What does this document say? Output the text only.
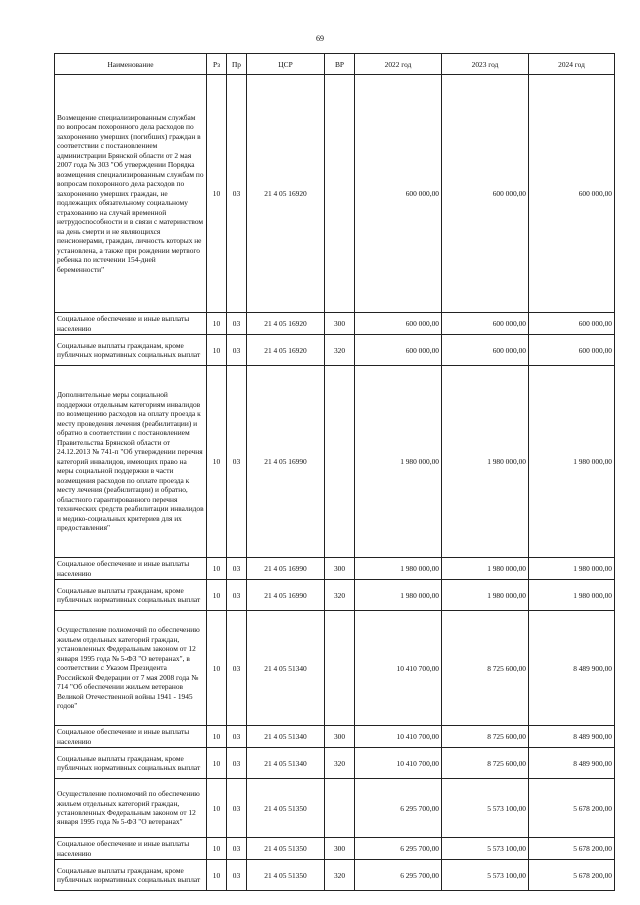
69
Наименование	Рз	Пр	ЦСР	ВР	2022 год	2023 год	2024 год
Возмещение специализированным службам по вопросам похоронного дела расходов по захоронению умерших (погибших) граждан в соответствии с постановлением администрации Брянской области от 2 мая 2007 года № 303 "Об утверждении Порядка возмещения специализированным службам по вопросам похоронного дела расходов по захоронению умерших граждан, не подлежащих обязательному социальному страхованию на случай временной нетрудоспособности и в связи с материнством на день смерти и не являющихся пенсионерами, граждан, личность которых не установлена, а также при рождении мертвого ребенка по истечении 154-дней беременности"	10	03	21 4 05 16920		600 000,00	600 000,00	600 000,00
Социальное обеспечение и иные выплаты населению	10	03	21 4 05 16920	300	600 000,00	600 000,00	600 000,00
Социальные выплаты гражданам, кроме публичных нормативных социальных выплат	10	03	21 4 05 16920	320	600 000,00	600 000,00	600 000,00
Дополнительные меры социальной поддержки отдельным категориям инвалидов по возмещению расходов на оплату проезда к месту проведения лечения (реабилитации) и обратно в соответствии с постановлением Правительства Брянской области от 24.12.2013 № 741-п "Об утверждении перечня категорий инвалидов, имеющих право на меры социальной поддержки в части возмещения расходов по оплате проезда к месту лечения (реабилитации) и обратно, областного гарантированного перечня технических средств реабилитации инвалидов и медико-социальных критериев для их предоставления"	10	03	21 4 05 16990		1 980 000,00	1 980 000,00	1 980 000,00
Социальное обеспечение и иные выплаты населению	10	03	21 4 05 16990	300	1 980 000,00	1 980 000,00	1 980 000,00
Социальные выплаты гражданам, кроме публичных нормативных социальных выплат	10	03	21 4 05 16990	320	1 980 000,00	1 980 000,00	1 980 000,00
Осуществление полномочий по обеспечению жильем отдельных категорий граждан, установленных Федеральным законом от 12 января 1995 года № 5-ФЗ "О ветеранах", в соответствии с Указом Президента Российской Федерации от 7 мая 2008 года № 714 "Об обеспечении жильем ветеранов Великой Отечественной войны 1941 - 1945 годов"	10	03	21 4 05 51340		10 410 700,00	8 725 600,00	8 489 900,00
Социальное обеспечение и иные выплаты населению	10	03	21 4 05 51340	300	10 410 700,00	8 725 600,00	8 489 900,00
Социальные выплаты гражданам, кроме публичных нормативных социальных выплат	10	03	21 4 05 51340	320	10 410 700,00	8 725 600,00	8 489 900,00
Осуществление полномочий по обеспечению жильем отдельных категорий граждан, установленных Федеральным законом от 12 января 1995 года № 5-ФЗ "О ветеранах"	10	03	21 4 05 51350		6 295 700,00	5 573 100,00	5 678 200,00
Социальное обеспечение и иные выплаты населению	10	03	21 4 05 51350	300	6 295 700,00	5 573 100,00	5 678 200,00
Социальные выплаты гражданам, кроме публичных нормативных социальных выплат	10	03	21 4 05 51350	320	6 295 700,00	5 573 100,00	5 678 200,00
